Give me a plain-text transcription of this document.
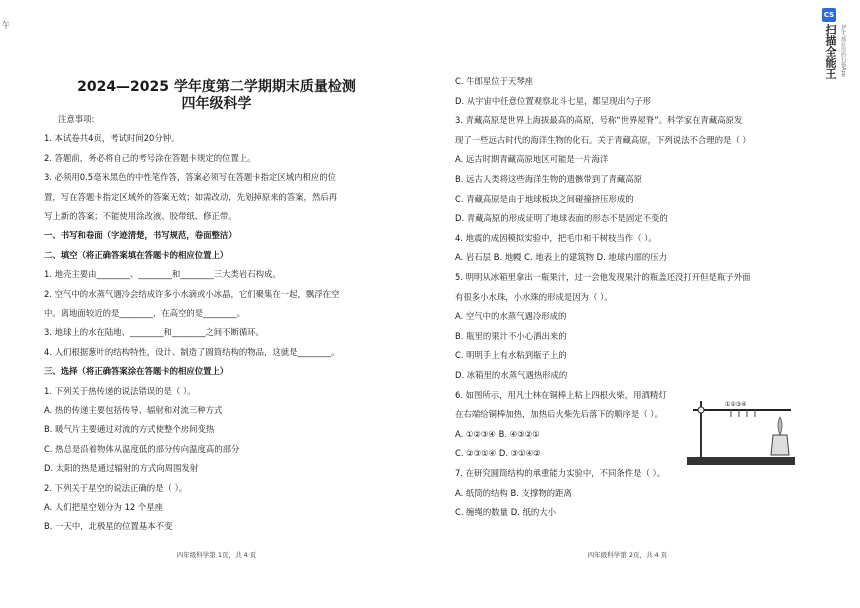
午
2024—2025 学年度第二学期期末质量检测
四年级科学
注意事项:
1. 本试卷共4页，考试时间20分钟。
2. 答题前，务必将自己的考号涂在答题卡规定的位置上。
3. 必须用0.5毫米黑色的中性笔作答，答案必须写在答题卡指定区域内相应的位
置，写在答题卡指定区域外的答案无效；如需改动，先划掉原来的答案，然后再
写上新的答案；不能使用涂改液、胶带纸、修正带。
一、书写和卷面（字迹清楚，书写规范，卷面整洁）
二、填空（将正确答案填在答题卡的相应位置上）
1. 地壳主要由________、________和________三大类岩石构成。
2. 空气中的水蒸气遇冷会结成许多小水滴或小冰晶，它们聚集在一起，飘浮在空
中。离地面较近的是________，在高空的是________。
3. 地球上的水在陆地、________和________之间不断循环。
4. 人们根据葱叶的结构特性，设计、制造了圆筒结构的物品，这就是________。
三、选择（将正确答案涂在答题卡的相应位置上）
1. 下列关于热传递的说法错误的是（ ）。
A. 热的传递主要包括传导、辐射和对流三种方式
B. 暖气片主要通过对流的方式使整个房间变热
C. 热总是沿着物体从温度低的部分传向温度高的部分
D. 太阳的热是通过辐射的方式向周围发射
2. 下列关于星空的说法正确的是（ ）。
A. 人们把星空划分为 12 个星座
B. 一天中，北极星的位置基本不变
四年级科学第 1页，共 4 页
C. 牛郎星位于天琴座
D. 从宇宙中任意位置观察北斗七星，都呈现出勺子形
3. 青藏高原是世界上海拔最高的高原，号称“世界屋脊”。科学家在青藏高原发
现了一些远古时代的海洋生物的化石。关于青藏高原，下列说法不合理的是（ ）
A. 远古时期青藏高原地区可能是一片海洋
B. 远古人类将这些海洋生物的遗骸带到了青藏高原
C. 青藏高原是由于地球板块之间碰撞挤压形成的
D. 青藏高原的形成证明了地球表面的形态不是固定不变的
4. 地震的成因模拟实验中，把毛巾和干树枝当作（ ）。
A. 岩石层 B. 地幔 C. 地表上的建筑物 D. 地球内部的压力
5. 明明从冰箱里拿出一瓶果汁，过一会他发现果汁的瓶盖还没打开但是瓶子外面
有很多小水珠，小水珠的形成是因为（ ）。
A. 空气中的水蒸气遇冷形成的
B. 瓶里的果汁不小心洒出来的
C. 明明手上有水粘到瓶子上的
D. 冰箱里的水蒸气遇热形成的
6. 如图所示，用凡士林在铜棒上粘上四根火柴，用酒精灯
在右端给铜棒加热，加热后火柴先后落下的顺序是（ ）。
A. ①②③④ B. ④③②①
C. ②③①④ D. ③①④②
7. 在研究圆筒结构的承重能力实验中，不同条件是（ ）。
A. 纸筒的结构 B. 支撑物的距离
C. 缠绳的数量 D. 纸的大小
①②③④
四年级科学第 2页，共 4 页
CS
扫描全能王 3亿人都在用的扫描App
